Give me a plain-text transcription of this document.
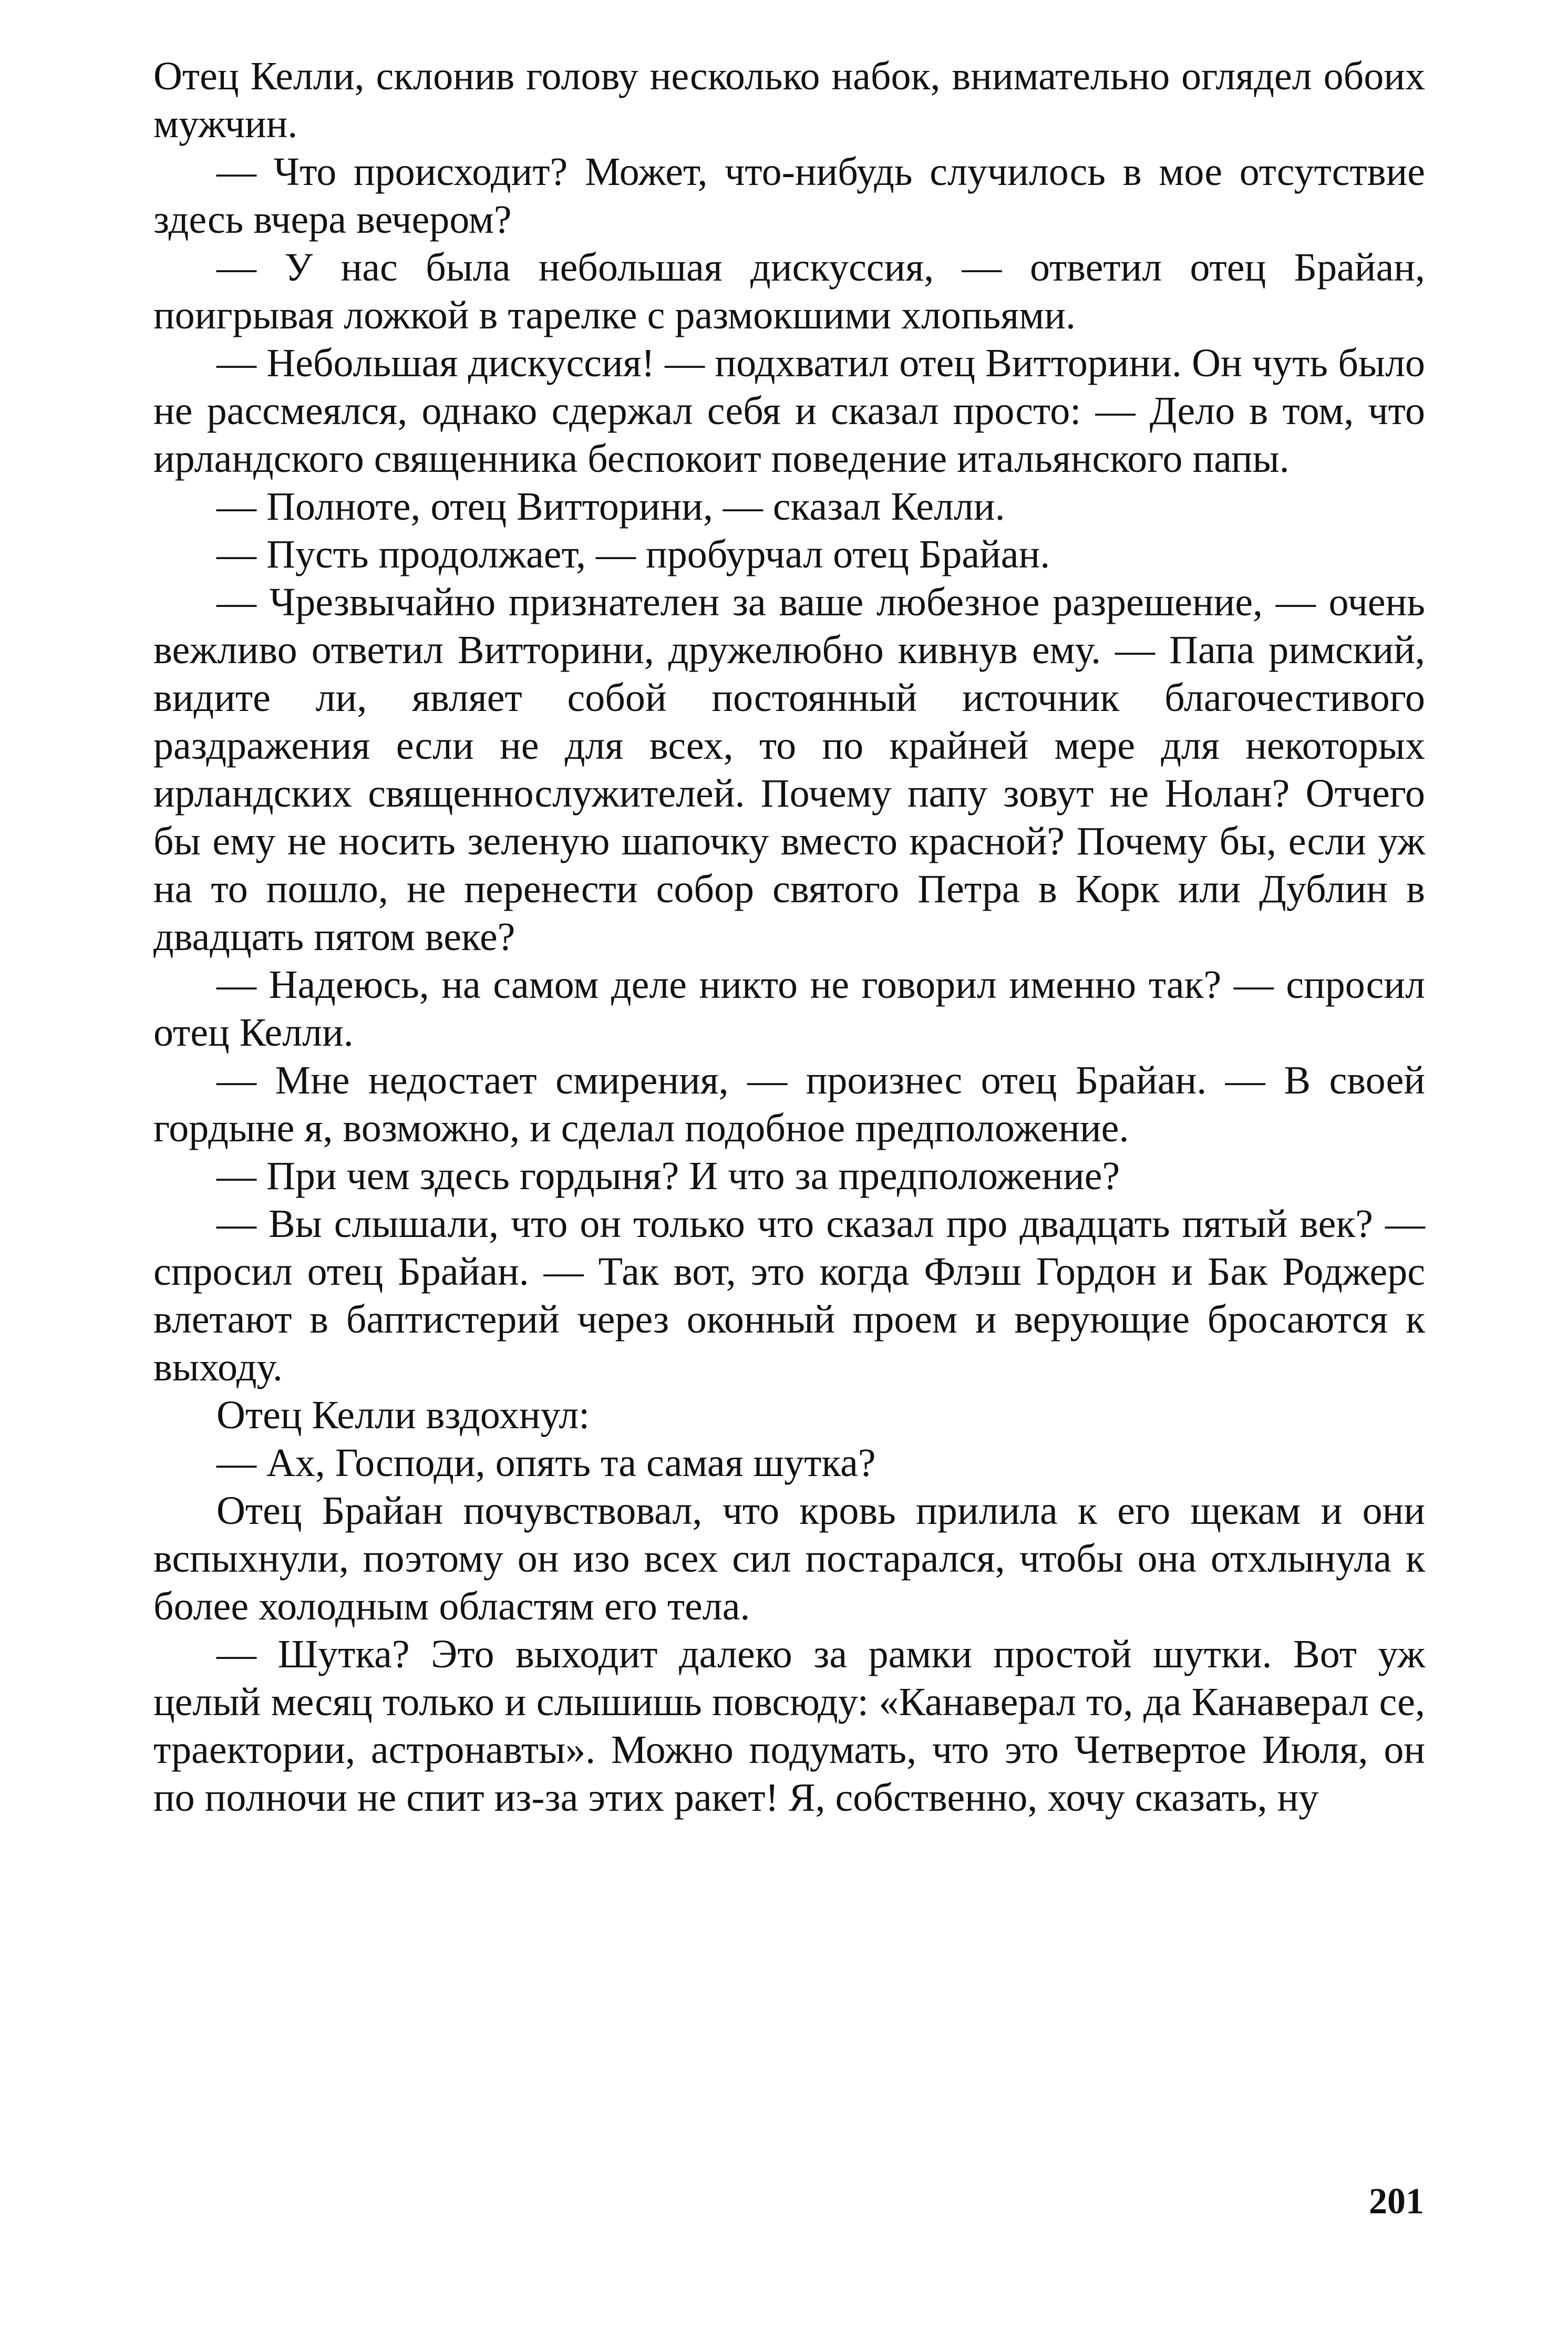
Отец Келли, склонив голову несколько набок, внимательно оглядел обоих мужчин.

— Что происходит? Может, что-нибудь случилось в мое отсутствие здесь вчера вечером?

— У нас была небольшая дискуссия, — ответил отец Брайан, поигрывая ложкой в тарелке с размокшими хлопьями.

— Небольшая дискуссия! — подхватил отец Витторини. Он чуть было не рассмеялся, однако сдержал себя и сказал просто: — Дело в том, что ирландского священника беспокоит поведение итальянского папы.

— Полноте, отец Витторини, — сказал Келли.

— Пусть продолжает, — пробурчал отец Брайан.

— Чрезвычайно признателен за ваше любезное разрешение, — очень вежливо ответил Витторини, дружелюбно кивнув ему. — Папа римский, видите ли, являет собой постоянный источник благочестивого раздражения если не для всех, то по крайней мере для некоторых ирландских священнослужителей. Почему папу зовут не Нолан? Отчего бы ему не носить зеленую шапочку вместо красной? Почему бы, если уж на то пошло, не перенести собор святого Петра в Корк или Дублин в двадцать пятом веке?

— Надеюсь, на самом деле никто не говорил именно так? — спросил отец Келли.

— Мне недостает смирения, — произнес отец Брайан. — В своей гордыне я, возможно, и сделал подобное предположение.

— При чем здесь гордыня? И что за предположение?

— Вы слышали, что он только что сказал про двадцать пятый век? — спросил отец Брайан. — Так вот, это когда Флэш Гордон и Бак Роджерс влетают в баптистерий через оконный проем и верующие бросаются к выходу.

Отец Келли вздохнул:

— Ах, Господи, опять та самая шутка?

Отец Брайан почувствовал, что кровь прилила к его щекам и они вспыхнули, поэтому он изо всех сил постарался, чтобы она отхлынула к более холодным областям его тела.

— Шутка? Это выходит далеко за рамки простой шутки. Вот уж целый месяц только и слышишь повсюду: «Канаверал то, да Канаверал се, траектории, астронавты». Можно подумать, что это Четвертое Июля, он по полночи не спит из-за этих ракет! Я, собственно, хочу сказать, ну

201
